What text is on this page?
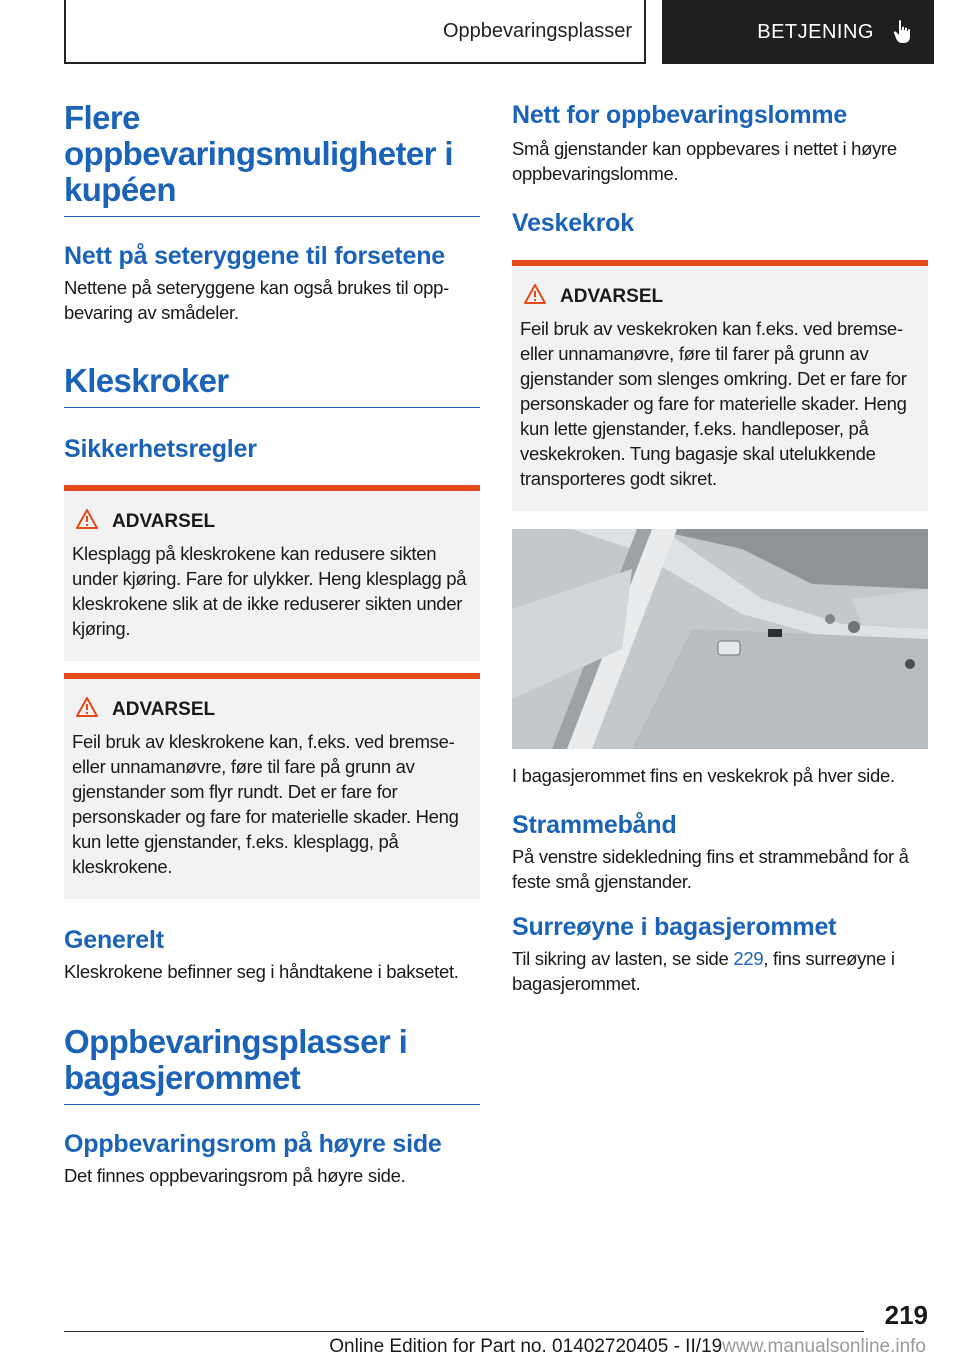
Oppbevaringsplasser	BETJENING
Flere oppbevaringsmuligheter i kupéen
Nett på seteryggene til forsetene

Nettene på seteryggene kan også brukes til oppbevaring av smådeler.

Kleskroker
Sikkerhetsregler
ADVARSEL

Klesplagg på kleskrokene kan redusere sikten under kjøring. Fare for ulykker. Heng klesplagg på kleskrokene slik at de ikke reduserer sikten under kjøring.

ADVARSEL

Feil bruk av kleskrokene kan, f.eks. ved bremse- eller unnamanøvre, føre til fare på grunn av gjenstander som flyr rundt. Det er fare for personskader og fare for materielle skader. Heng kun lette gjenstander, f.eks. klesplagg, på kleskrokene.

Generelt

Kleskrokene befinner seg i håndtakene i baksetet.

Oppbevaringsplasser i bagasjerommet
Oppbevaringsrom på høyre side

Det finnes oppbevaringsrom på høyre side.

Nett for oppbevaringslomme

Små gjenstander kan oppbevares i nettet i høyre oppbevaringslomme.

Veskekrok
ADVARSEL

Feil bruk av veskekroken kan f.eks. ved bremse- eller unnamanøvre, føre til farer på grunn av gjenstander som slenges omkring. Det er fare for personskader og fare for materielle skader. Heng kun lette gjenstander, f.eks. handleposer, på veskekroken. Tung bagasje skal utelukkende transporteres godt sikret.

I bagasjerommet fins en veskekrok på hver side.

Strammebånd

På venstre sidekledning fins et strammebånd for å feste små gjenstander.

Surreøyne i bagasjerommet

Til sikring av lasten, se side 229, fins surreøyne i bagasjerommet.

219
Online Edition for Part no. 01402720405 - II/19www.manualsonline.info
